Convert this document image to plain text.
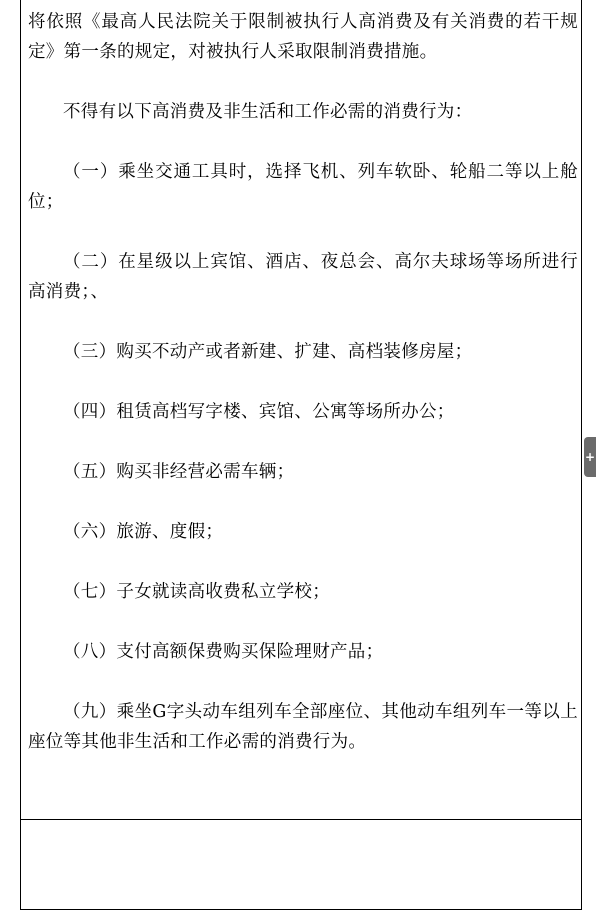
将依照《最高人民法院关于限制被执行人高消费及有关消费的若干规定》第一条的规定，对被执行人采取限制消费措施。

不得有以下高消费及非生活和工作必需的消费行为：

（一）乘坐交通工具时，选择飞机、列车软卧、轮船二等以上舱位；

（二）在星级以上宾馆、酒店、夜总会、高尔夫球场等场所进行高消费；、

（三）购买不动产或者新建、扩建、高档装修房屋；

（四）租赁高档写字楼、宾馆、公寓等场所办公；

（五）购买非经营必需车辆；

（六）旅游、度假；

（七）子女就读高收费私立学校；

（八）支付高额保费购买保险理财产品；

（九）乘坐G字头动车组列车全部座位、其他动车组列车一等以上座位等其他非生活和工作必需的消费行为。

+
